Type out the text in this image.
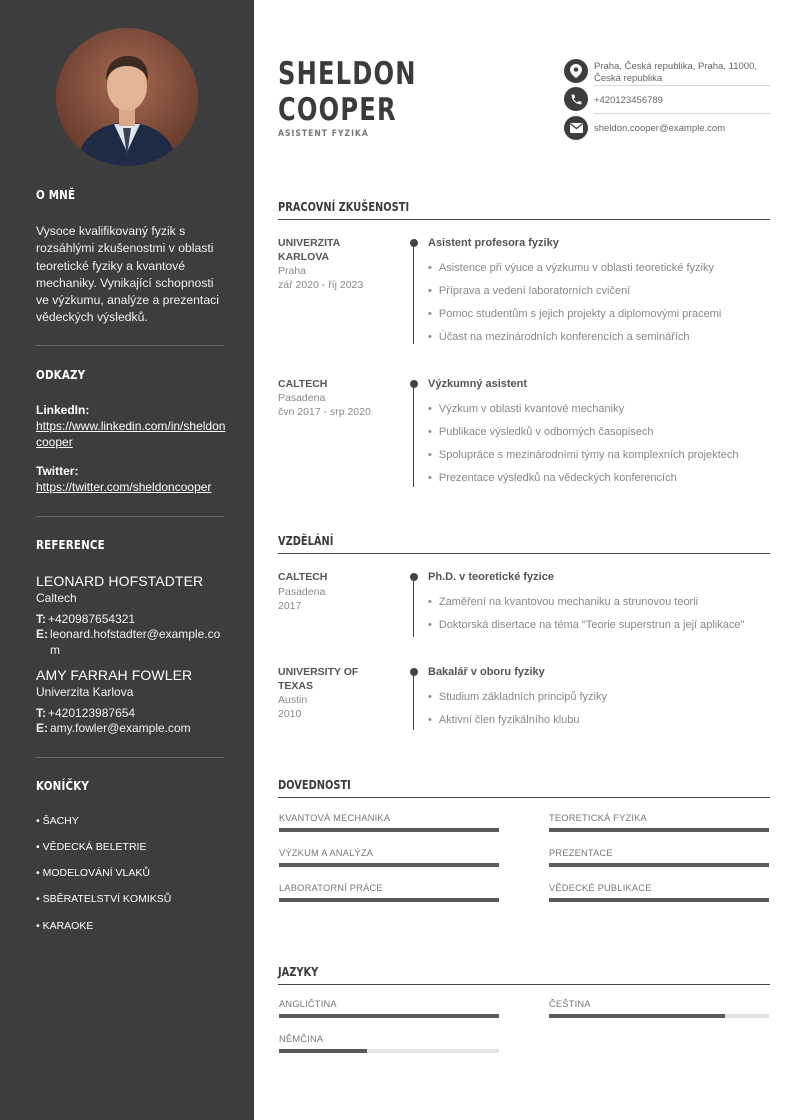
O MNĚ
Vysoce kvalifikovaný fyzik s rozsáhlými zkušenostmi v oblasti teoretické fyziky a kvantové mechaniky. Vynikající schopnosti ve výzkumu, analýze a prezentaci vědeckých výsledků.
ODKAZY
LinkedIn:
https://www.linkedin.com/in/sheldoncooper
Twitter:
https://twitter.com/sheldoncooper
REFERENCE
LEONARD HOFSTADTER
Caltech
T: +420987654321
E: leonard.hofstadter@example.com
AMY FARRAH FOWLER
Univerzita Karlova
T: +420123987654
E: amy.fowler@example.com
KONÍČKY
• ŠACHY
• VĚDECKÁ BELETRIE
• MODELOVÁNÍ VLAKŮ
• SBĚRATELSTVÍ KOMIKSŮ
• KARAOKE
SHELDON
COOPER
ASISTENT FYZIKA
Praha, Česká republika, Praha, 11000, Česká republika
+420123456789
sheldon.cooper@example.com
PRACOVNÍ ZKUŠENOSTI
UNIVERZITA KARLOVA
Praha
zář 2020 - říj 2023
Asistent profesora fyziky
• Asistence při výuce a výzkumu v oblasti teoretické fyziky
• Příprava a vedení laboratorních cvičení
• Pomoc studentům s jejich projekty a diplomovými pracemi
• Účast na mezinárodních konferencích a seminářích
CALTECH
Pasadena
čvn 2017 - srp 2020
Výzkumný asistent
• Výzkum v oblasti kvantové mechaniky
• Publikace výsledků v odborných časopisech
• Spolupráce s mezinárodními týmy na komplexních projektech
• Prezentace výsledků na vědeckých konferencích
VZDĚLÁNÍ
CALTECH
Pasadena
2017
Ph.D. v teoretické fyzice
• Zaměření na kvantovou mechaniku a strunovou teorii
• Doktorská disertace na téma "Teorie superstrun a její aplikace"
UNIVERSITY OF TEXAS
Austin
2010
Bakalář v oboru fyziky
• Studium základních principů fyziky
• Aktivní člen fyzikálního klubu
DOVEDNOSTI
KVANTOVÁ MECHANIKA	TEORETICKÁ FYZIKA
VÝZKUM A ANALÝZA	PREZENTACE
LABORATORNÍ PRÁCE	VĚDECKÉ PUBLIKACE
JAZYKY
ANGLIČTINA	ČEŠTINA
NĚMČINA
